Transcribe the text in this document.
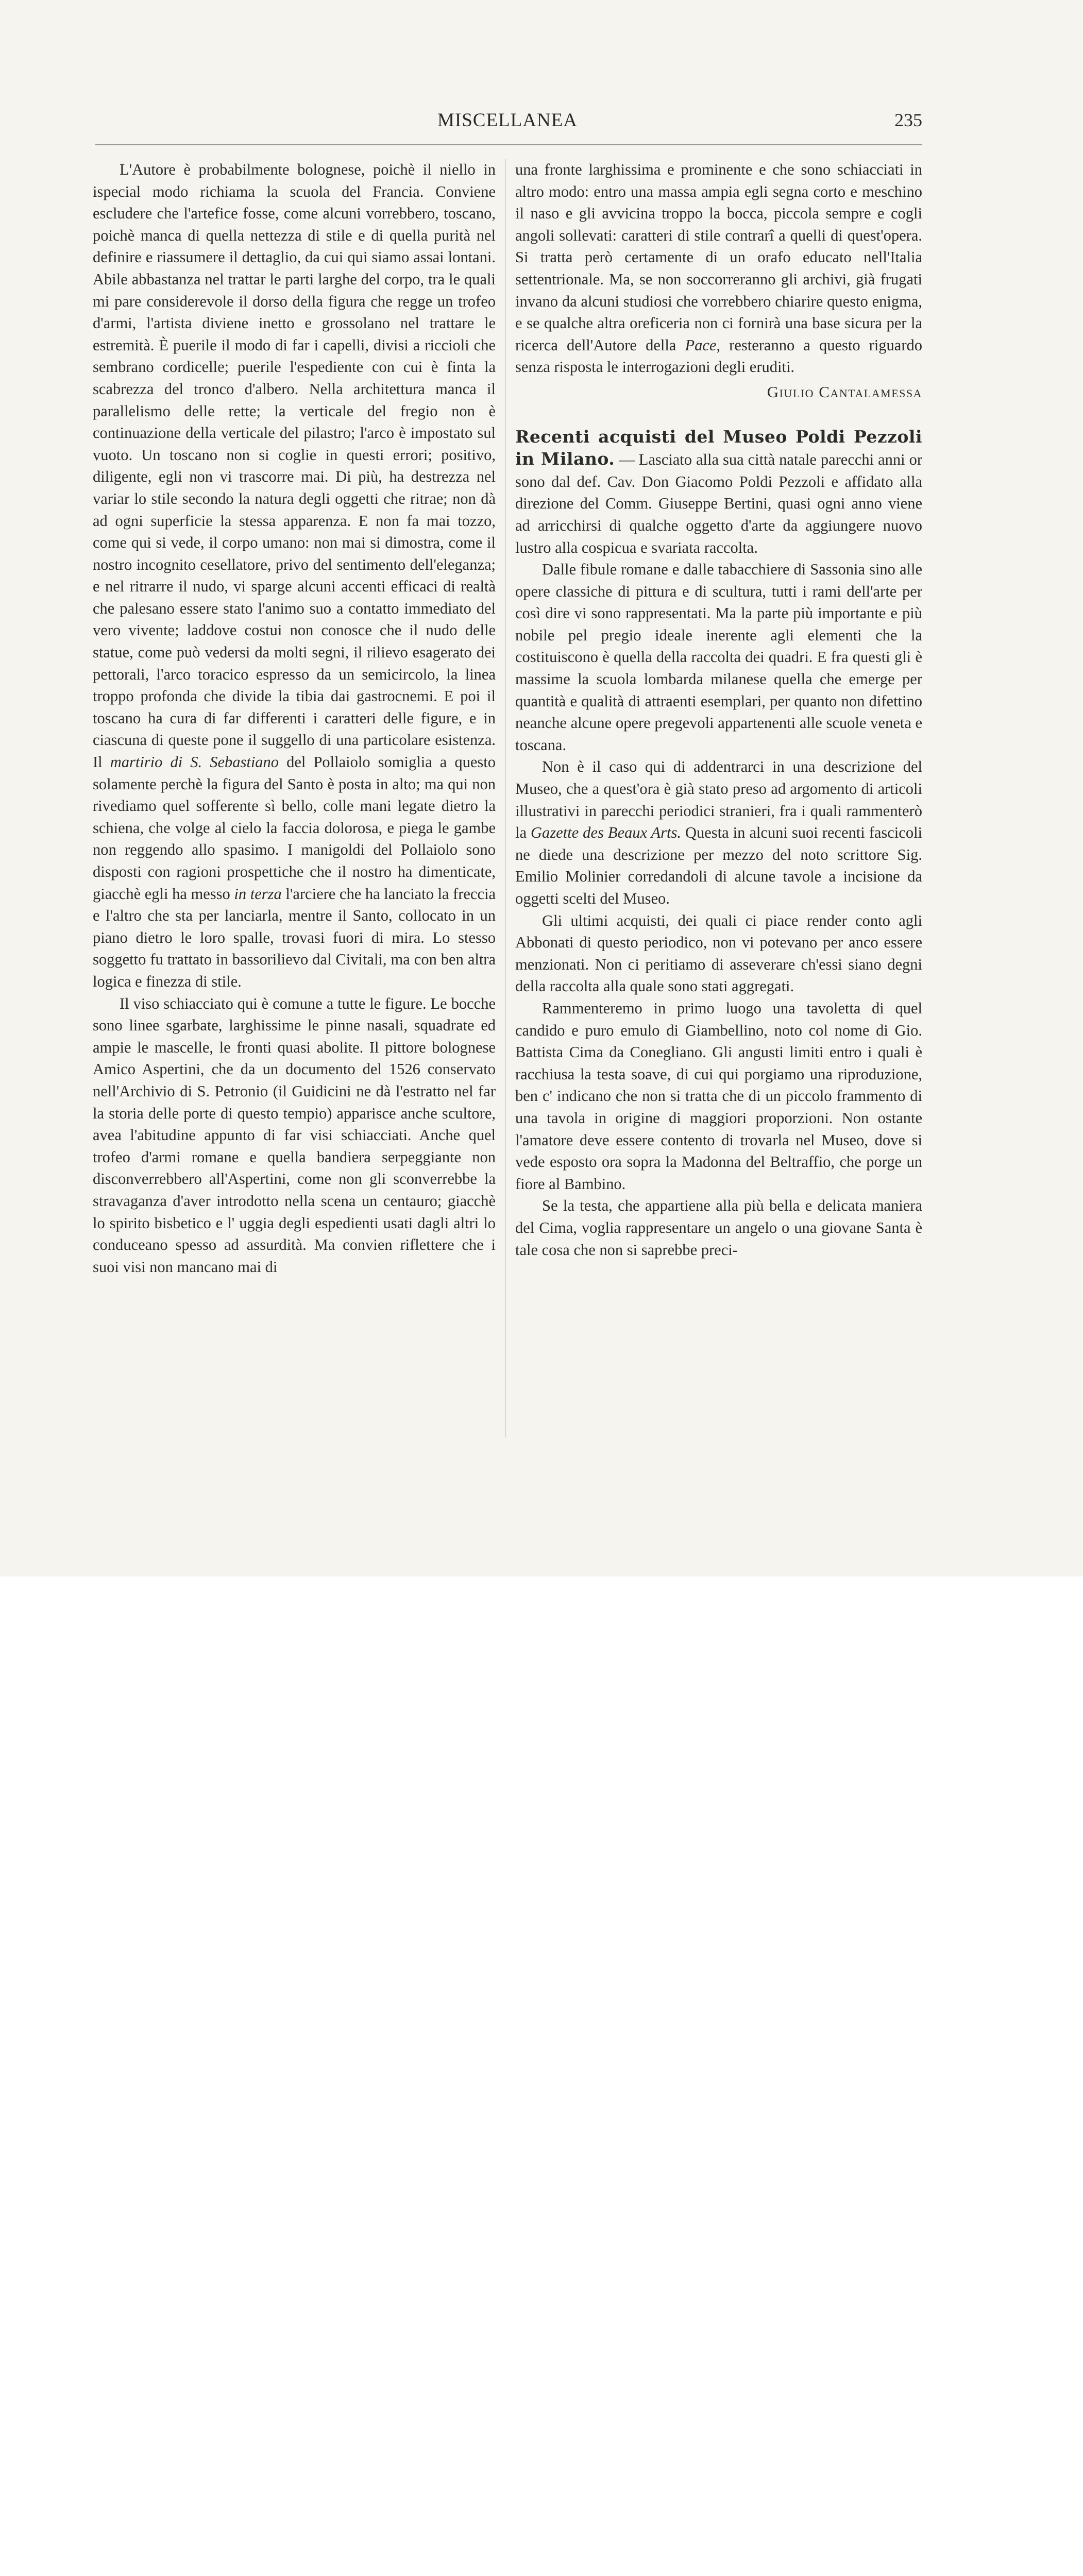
MISCELLANEA	235

L'Autore è probabilmente bolognese, poichè il niello in ispecial modo richiama la scuola del Francia. Conviene escludere che l'artefice fosse, come alcuni vorrebbero, toscano, poichè manca di quella nettezza di stile e di quella purità nel definire e riassumere il dettaglio, da cui qui siamo assai lontani. Abile abbastanza nel trattar le parti larghe del corpo, tra le quali mi pare considerevole il dorso della figura che regge un trofeo d'armi, l'artista diviene inetto e grossolano nel trattare le estremità. È puerile il modo di far i capelli, divisi a riccioli che sembrano cordicelle; puerile l'espediente con cui è finta la scabrezza del tronco d'albero. Nella architettura manca il parallelismo delle rette; la verticale del fregio non è continuazione della verticale del pilastro; l'arco è impostato sul vuoto. Un toscano non si coglie in questi errori; positivo, diligente, egli non vi trascorre mai. Di più, ha destrezza nel variar lo stile secondo la natura degli oggetti che ritrae; non dà ad ogni superficie la stessa apparenza. E non fa mai tozzo, come qui si vede, il corpo umano: non mai si dimostra, come il nostro incognito cesellatore, privo del sentimento dell'eleganza; e nel ritrarre il nudo, vi sparge alcuni accenti efficaci di realtà che palesano essere stato l'animo suo a contatto immediato del vero vivente; laddove costui non conosce che il nudo delle statue, come può vedersi da molti segni, il rilievo esagerato dei pettorali, l'arco toracico espresso da un semicircolo, la linea troppo profonda che divide la tibia dai gastrocnemi. E poi il toscano ha cura di far differenti i caratteri delle figure, e in ciascuna di queste pone il suggello di una particolare esistenza. Il martirio di S. Sebastiano del Pollaiolo somiglia a questo solamente perchè la figura del Santo è posta in alto; ma qui non rivediamo quel sofferente sì bello, colle mani legate dietro la schiena, che volge al cielo la faccia dolorosa, e piega le gambe non reggendo allo spasimo. I manigoldi del Pollaiolo sono disposti con ragioni prospettiche che il nostro ha dimenticate, giacchè egli ha messo in terza l'arciere che ha lanciato la freccia e l'altro che sta per lanciarla, mentre il Santo, collocato in un piano dietro le loro spalle, trovasi fuori di mira. Lo stesso soggetto fu trattato in bassorilievo dal Civitali, ma con ben altra logica e finezza di stile.

Il viso schiacciato qui è comune a tutte le figure. Le bocche sono linee sgarbate, larghissime le pinne nasali, squadrate ed ampie le mascelle, le fronti quasi abolite. Il pittore bolognese Amico Aspertini, che da un documento del 1526 conservato nell'Archivio di S. Petronio (il Guidicini ne dà l'estratto nel far la storia delle porte di questo tempio) apparisce anche scultore, avea l'abitudine appunto di far visi schiacciati. Anche quel trofeo d'armi romane e quella bandiera serpeggiante non disconverrebbero all'Aspertini, come non gli sconverrebbe la stravaganza d'aver introdotto nella scena un centauro; giacchè lo spirito bisbetico e l' uggia degli espedienti usati dagli altri lo conduceano spesso ad assurdità. Ma convien riflettere che i suoi visi non mancano mai di

una fronte larghissima e prominente e che sono schiacciati in altro modo: entro una massa ampia egli segna corto e meschino il naso e gli avvicina troppo la bocca, piccola sempre e cogli angoli sollevati: caratteri di stile contrarî a quelli di quest'opera. Si tratta però certamente di un orafo educato nell'Italia settentrionale. Ma, se non soccorreranno gli archivi, già frugati invano da alcuni studiosi che vorrebbero chiarire questo enigma, e se qualche altra oreficeria non ci fornirà una base sicura per la ricerca dell'Autore della Pace, resteranno a questo riguardo senza risposta le interrogazioni degli eruditi.

Giulio Cantalamessa

Recenti acquisti del Museo Poldi Pezzoli in Milano. — Lasciato alla sua città natale parecchi anni or sono dal def. Cav. Don Giacomo Poldi Pezzoli e affidato alla direzione del Comm. Giuseppe Bertini, quasi ogni anno viene ad arricchirsi di qualche oggetto d'arte da aggiungere nuovo lustro alla cospicua e svariata raccolta.

Dalle fibule romane e dalle tabacchiere di Sassonia sino alle opere classiche di pittura e di scultura, tutti i rami dell'arte per così dire vi sono rappresentati. Ma la parte più importante e più nobile pel pregio ideale inerente agli elementi che la costituiscono è quella della raccolta dei quadri. E fra questi gli è massime la scuola lombarda milanese quella che emerge per quantità e qualità di attraenti esemplari, per quanto non difettino neanche alcune opere pregevoli appartenenti alle scuole veneta e toscana.

Non è il caso qui di addentrarci in una descrizione del Museo, che a quest'ora è già stato preso ad argomento di articoli illustrativi in parecchi periodici stranieri, fra i quali rammenterò la Gazette des Beaux Arts. Questa in alcuni suoi recenti fascicoli ne diede una descrizione per mezzo del noto scrittore Sig. Emilio Molinier corredandoli di alcune tavole a incisione da oggetti scelti del Museo.

Gli ultimi acquisti, dei quali ci piace render conto agli Abbonati di questo periodico, non vi potevano per anco essere menzionati. Non ci peritiamo di asseverare ch'essi siano degni della raccolta alla quale sono stati aggregati.

Rammenteremo in primo luogo una tavoletta di quel candido e puro emulo di Giambellino, noto col nome di Gio. Battista Cima da Conegliano. Gli angusti limiti entro i quali è racchiusa la testa soave, di cui qui porgiamo una riproduzione, ben c' indicano che non si tratta che di un piccolo frammento di una tavola in origine di maggiori proporzioni. Non ostante l'amatore deve essere contento di trovarla nel Museo, dove si vede esposto ora sopra la Madonna del Beltraffio, che porge un fiore al Bambino.

Se la testa, che appartiene alla più bella e delicata maniera del Cima, voglia rappresentare un angelo o una giovane Santa è tale cosa che non si saprebbe preci-
